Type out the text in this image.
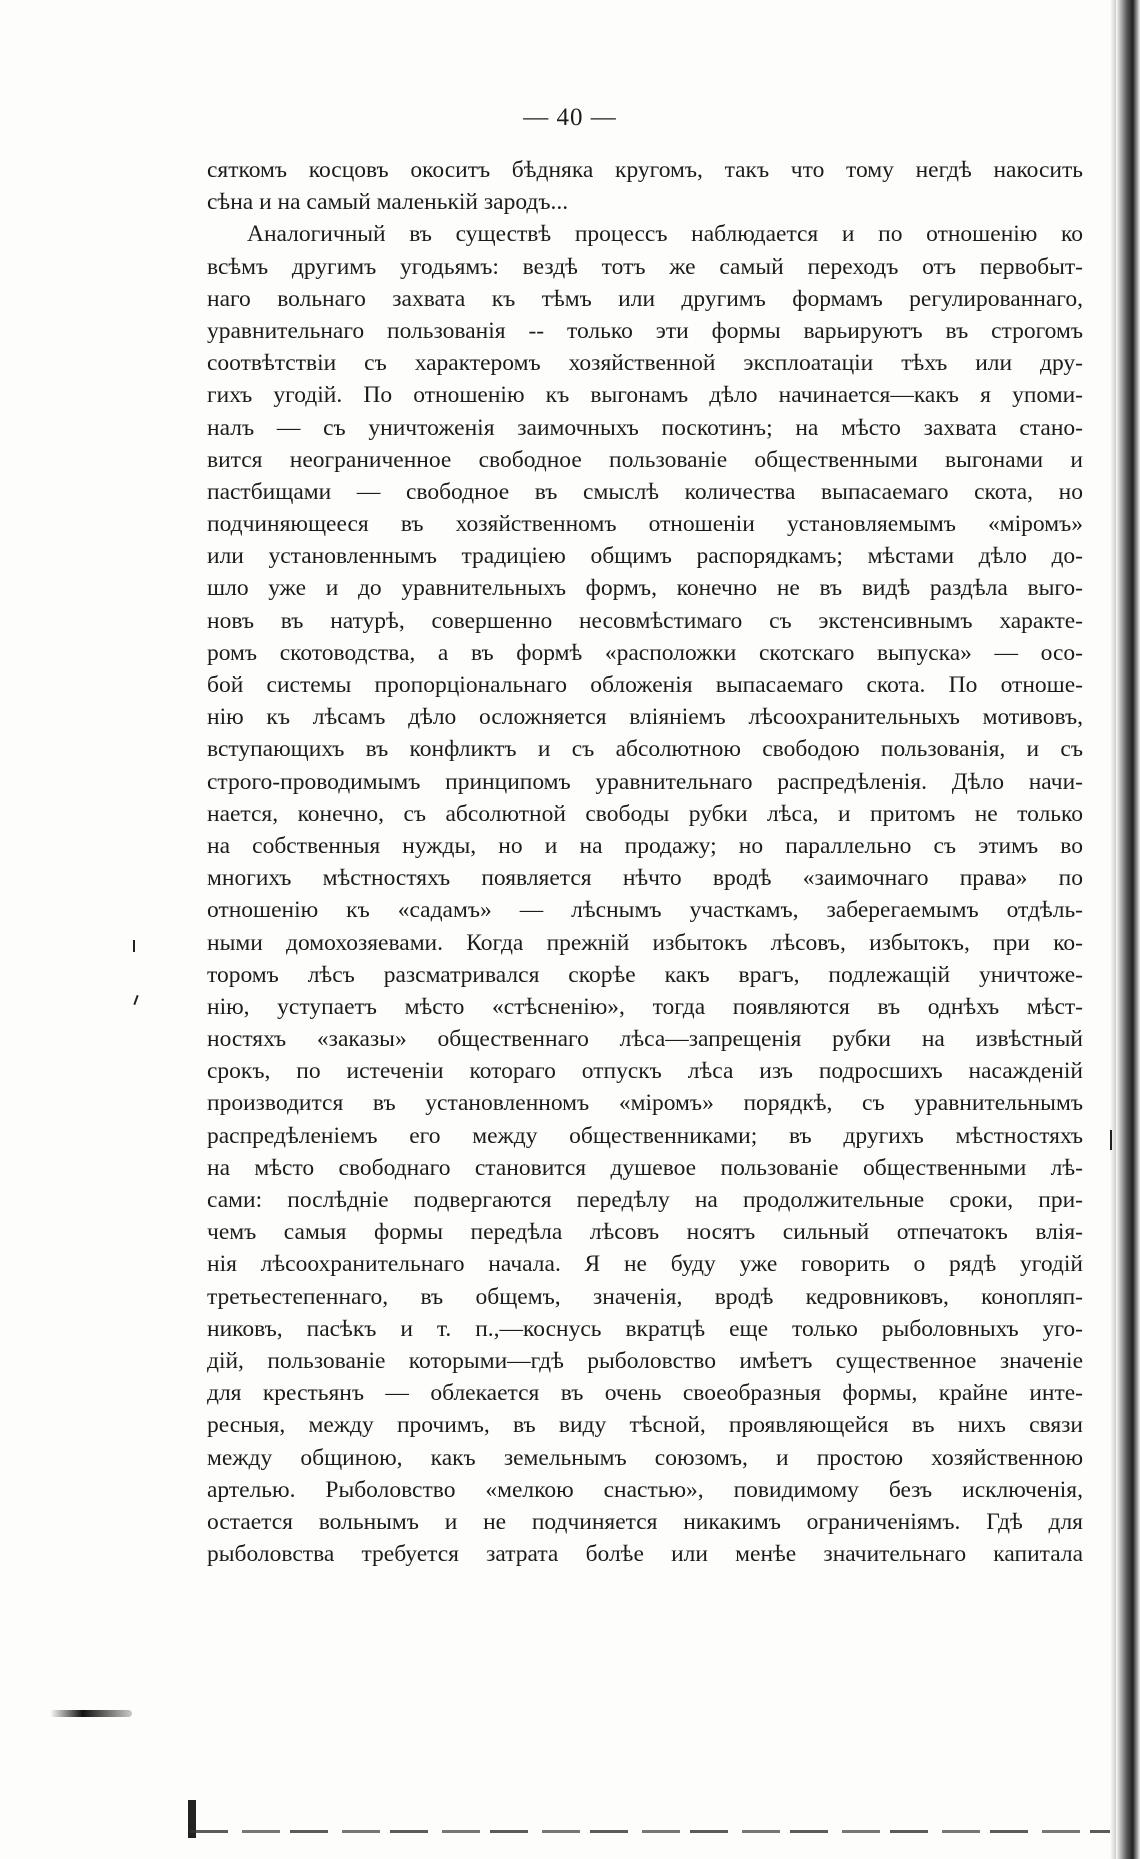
— 40 —
сяткомъ косцовъ окоситъ бѣдняка кругомъ, такъ что тому негдѣ накосить
сѣна и на самый маленькій зародъ...
Аналогичный въ существѣ процессъ наблюдается и по отношенію ко
всѣмъ другимъ угодьямъ: вездѣ тотъ же самый переходъ отъ первобыт-
наго вольнаго захвата къ тѣмъ или другимъ формамъ регулированнаго,
уравнительнаго пользованія -- только эти формы варьируютъ въ строгомъ
соотвѣтствіи съ характеромъ хозяйственной эксплоатаціи тѣхъ или дру-
гихъ угодій. По отношенію къ выгонамъ дѣло начинается—какъ я упоми-
налъ — съ уничтоженія заимочныхъ поскотинъ; на мѣсто захвата стано-
вится неограниченное свободное пользованіе общественными выгонами и
пастбищами — свободное въ смыслѣ количества выпасаемаго скота, но
подчиняющееся въ хозяйственномъ отношеніи установляемымъ «міромъ»
или установленнымъ традиціею общимъ распорядкамъ; мѣстами дѣло до-
шло уже и до уравнительныхъ формъ, конечно не въ видѣ раздѣла выго-
новъ въ натурѣ, совершенно несовмѣстимаго съ экстенсивнымъ характе-
ромъ скотоводства, а въ формѣ «расположки скотскаго выпуска» — осо-
бой системы пропорціональнаго обложенія выпасаемаго скота. По отноше-
нію къ лѣсамъ дѣло осложняется вліяніемъ лѣсоохранительныхъ мотивовъ,
вступающихъ въ конфликтъ и съ абсолютною свободою пользованія, и съ
строго-проводимымъ принципомъ уравнительнаго распредѣленія. Дѣло начи-
нается, конечно, съ абсолютной свободы рубки лѣса, и притомъ не только
на собственныя нужды, но и на продажу; но параллельно съ этимъ во
многихъ мѣстностяхъ появляется нѣчто вродѣ «заимочнаго права» по
отношенію къ «садамъ» — лѣснымъ участкамъ, зaберегаемымъ отдѣль-
ными домохозяевами. Когда прежній избытокъ лѣсовъ, избытокъ, при ко-
торомъ лѣсъ разсматривался скорѣе какъ врагъ, подлежащій уничтоже-
нію, уступаетъ мѣсто «стѣсненію», тогда появляются въ однѣхъ мѣст-
ностяхъ «заказы» общественнаго лѣса—запрещенія рубки на извѣстный
срокъ, по истеченіи котораго отпускъ лѣса изъ подросшихъ насажденій
производится въ установленномъ «міромъ» порядкѣ, съ уравнительнымъ
распредѣленіемъ его между общественниками; въ другихъ мѣстностяхъ
на мѣсто свободнаго становится душевое пользованіе общественными лѣ-
сами: послѣдніе подвергаются передѣлу на продолжительные сроки, при-
чемъ самыя формы передѣла лѣсовъ носятъ сильный отпечатокъ влія-
нія лѣсоохранительнаго начала. Я не буду уже говорить о рядѣ угодій
третьестепеннаго, въ общемъ, значенія, вродѣ кедровниковъ, конопляп-
никовъ, пасѣкъ и т. п.,—коснусь вкратцѣ еще только рыболовныхъ уго-
дій, пользованіе которыми—гдѣ рыболовство имѣетъ существенное значеніе
для крестьянъ — облекается въ очень своеобразныя формы, крайне инте-
ресныя, между прочимъ, въ виду тѣсной, проявляющейся въ нихъ связи
между общиною, какъ земельнымъ союзомъ, и простою хозяйственною
артелью. Рыболовство «мелкою снастью», повидимому безъ исключенія,
остается вольнымъ и не подчиняется никакимъ ограниченіямъ. Гдѣ для
рыболовства требуется затрата болѣе или менѣе значительнаго капитала
